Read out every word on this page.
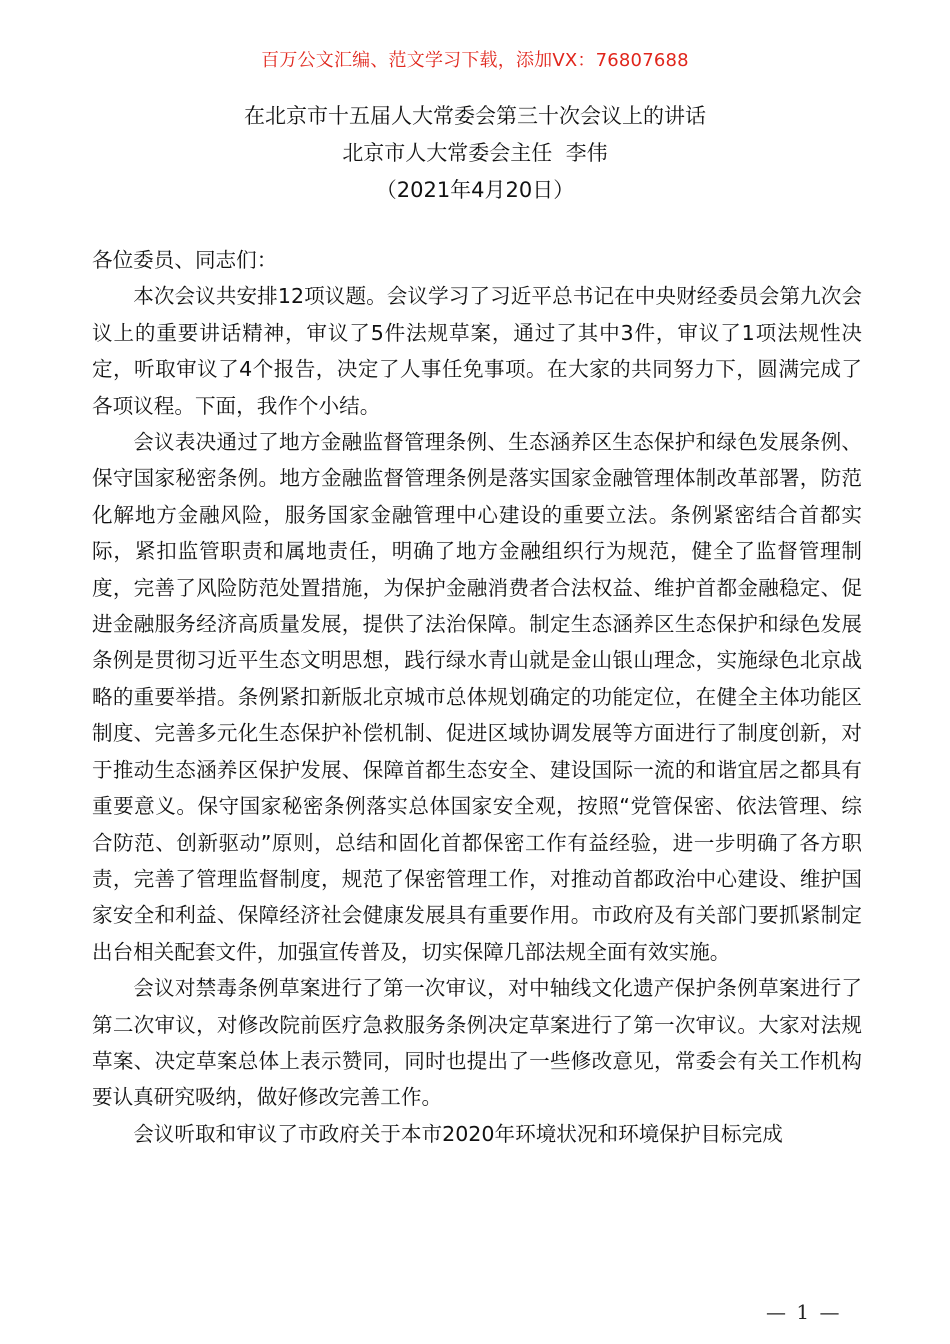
百万公文汇编、范文学习下载，添加VX：76807688
在北京市十五届人大常委会第三十次会议上的讲话
北京市人大常委会主任  李伟
（2021年4月20日）

各位委员、同志们：

本次会议共安排12项议题。会议学习了习近平总书记在中央财经委员会第九次会议上的重要讲话精神，审议了5件法规草案，通过了其中3件，审议了1项法规性决定，听取审议了4个报告，决定了人事任免事项。在大家的共同努力下，圆满完成了各项议程。下面，我作个小结。

会议表决通过了地方金融监督管理条例、生态涵养区生态保护和绿色发展条例、保守国家秘密条例。地方金融监督管理条例是落实国家金融管理体制改革部署，防范化解地方金融风险，服务国家金融管理中心建设的重要立法。条例紧密结合首都实际，紧扣监管职责和属地责任，明确了地方金融组织行为规范，健全了监督管理制度，完善了风险防范处置措施，为保护金融消费者合法权益、维护首都金融稳定、促进金融服务经济高质量发展，提供了法治保障。制定生态涵养区生态保护和绿色发展条例是贯彻习近平生态文明思想，践行绿水青山就是金山银山理念，实施绿色北京战略的重要举措。条例紧扣新版北京城市总体规划确定的功能定位，在健全主体功能区制度、完善多元化生态保护补偿机制、促进区域协调发展等方面进行了制度创新，对于推动生态涵养区保护发展、保障首都生态安全、建设国际一流的和谐宜居之都具有重要意义。保守国家秘密条例落实总体国家安全观，按照“党管保密、依法管理、综合防范、创新驱动”原则，总结和固化首都保密工作有益经验，进一步明确了各方职责，完善了管理监督制度，规范了保密管理工作，对推动首都政治中心建设、维护国家安全和利益、保障经济社会健康发展具有重要作用。市政府及有关部门要抓紧制定出台相关配套文件，加强宣传普及，切实保障几部法规全面有效实施。

会议对禁毒条例草案进行了第一次审议，对中轴线文化遗产保护条例草案进行了第二次审议，对修改院前医疗急救服务条例决定草案进行了第一次审议。大家对法规草案、决定草案总体上表示赞同，同时也提出了一些修改意见，常委会有关工作机构要认真研究吸纳，做好修改完善工作。

会议听取和审议了市政府关于本市2020年环境状况和环境保护目标完成

— 1 —
